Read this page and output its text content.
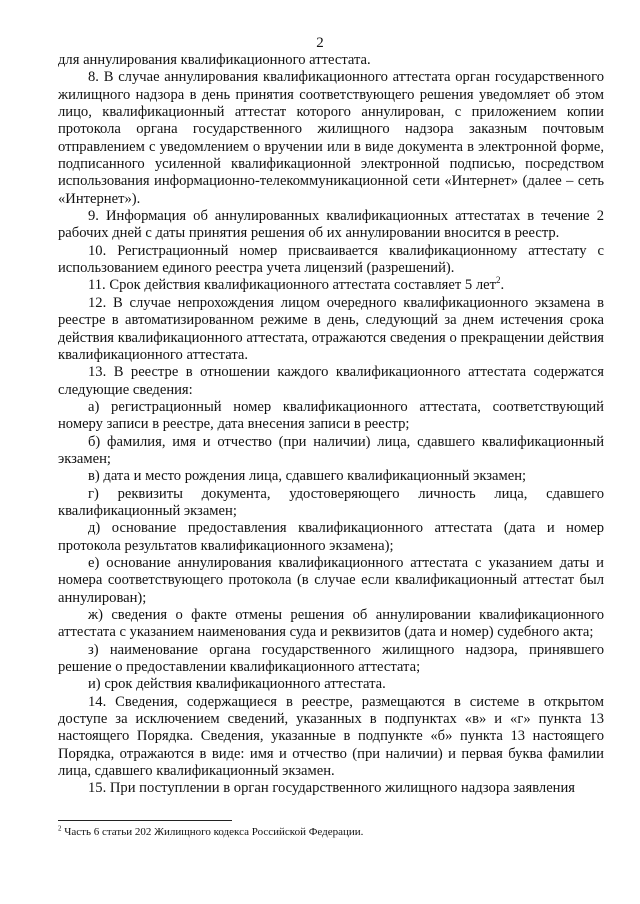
2

для аннулирования квалификационного аттестата.

8. В случае аннулирования квалификационного аттестата орган государственного жилищного надзора в день принятия соответствующего решения уведомляет об этом лицо, квалификационный аттестат которого аннулирован, с приложением копии протокола органа государственного жилищного надзора заказным почтовым отправлением с уведомлением о вручении или в виде документа в электронной форме, подписанного усиленной квалификационной электронной подписью, посредством использования информационно-телекоммуникационной сети «Интернет» (далее – сеть «Интернет»).

9. Информация об аннулированных квалификационных аттестатах в течение 2 рабочих дней с даты принятия решения об их аннулировании вносится в реестр.

10. Регистрационный номер присваивается квалификационному аттестату с использованием единого реестра учета лицензий (разрешений).

11. Срок действия квалификационного аттестата составляет 5 лет$^2$.

12. В случае непрохождения лицом очередного квалификационного экзамена в реестре в автоматизированном режиме в день, следующий за днем истечения срока действия квалификационного аттестата, отражаются сведения о прекращении действия квалификационного аттестата.

13. В реестре в отношении каждого квалификационного аттестата содержатся следующие сведения:

а) регистрационный номер квалификационного аттестата, соответствующий номеру записи в реестре, дата внесения записи в реестр;

б) фамилия, имя и отчество (при наличии) лица, сдавшего квалификационный экзамен;

в) дата и место рождения лица, сдавшего квалификационный экзамен;

г) реквизиты документа, удостоверяющего личность лица, сдавшего квалификационный экзамен;

д) основание предоставления квалификационного аттестата (дата и номер протокола результатов квалификационного экзамена);

е) основание аннулирования квалификационного аттестата с указанием даты и номера соответствующего протокола (в случае если квалификационный аттестат был аннулирован);

ж) сведения о факте отмены решения об аннулировании квалификационного аттестата с указанием наименования суда и реквизитов (дата и номер) судебного акта;

з) наименование органа государственного жилищного надзора, принявшего решение о предоставлении квалификационного аттестата;

и) срок действия квалификационного аттестата.

14. Сведения, содержащиеся в реестре, размещаются в системе в открытом доступе за исключением сведений, указанных в подпунктах «в» и «г» пункта 13 настоящего Порядка. Сведения, указанные в подпункте «б» пункта 13 настоящего Порядка, отражаются в виде: имя и отчество (при наличии) и первая буква фамилии лица, сдавшего квалификационный экзамен.

15. При поступлении в орган государственного жилищного надзора заявления

$^2$ Часть 6 статьи 202 Жилищного кодекса Российской Федерации.
